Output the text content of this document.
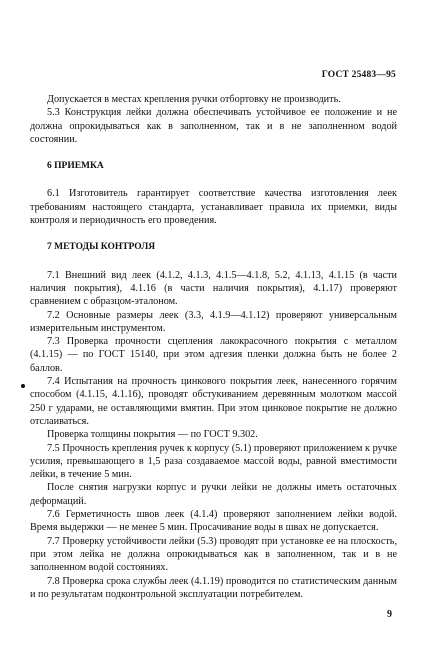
ГОСТ 25483—95

Допускается в местах крепления ручки отбортовку не производить.

5.3 Конструкция лейки должна обеспечивать устойчивое ее положение и не должна опрокидываться как в заполненном, так и в не заполненном водой состоянии.

6 ПРИЕМКА

6.1 Изготовитель гарантирует соответствие качества изготовления леек требованиям настоящего стандарта, устанавливает правила их приемки, виды контроля и периодичность его проведения.

7 МЕТОДЫ КОНТРОЛЯ

7.1 Внешний вид леек (4.1.2, 4.1.3, 4.1.5—4.1.8, 5.2, 4.1.13, 4.1.15 (в части наличия покрытия), 4.1.16 (в части наличия покрытия), 4.1.17) проверяют сравнением с образцом-эталоном.

7.2 Основные размеры леек (3.3, 4.1.9—4.1.12) проверяют универсальным измерительным инструментом.

7.3 Проверка прочности сцепления лакокрасочного покрытия с металлом (4.1.15) — по ГОСТ 15140, при этом адгезия пленки должна быть не более 2 баллов.

7.4 Испытания на прочность цинкового покрытия леек, нанесенного горячим способом (4.1.15, 4.1.16), проводят обстукиванием деревянным молотком массой 250 г ударами, не оставляющими вмятин. При этом цинковое покрытие не должно отслаиваться.

Проверка толщины покрытия — по ГОСТ 9.302.

7.5 Прочность крепления ручек к корпусу (5.1) проверяют приложением к ручке усилия, превышающего в 1,5 раза создаваемое массой воды, равной вместимости лейки, в течение 5 мин.

После снятия нагрузки корпус и ручки лейки не должны иметь остаточных деформаций.

7.6 Герметичность швов леек (4.1.4) проверяют заполнением лейки водой. Время выдержки — не менее 5 мин. Просачивание воды в швах не допускается.

7.7 Проверку устойчивости лейки (5.3) проводят при установке ее на плоскость, при этом лейка не должна опрокидываться как в заполненном, так и в не заполненном водой состояниях.

7.8 Проверка срока службы леек (4.1.19) проводится по статистическим данным и по результатам подконтрольной эксплуатации потребителем.

9
